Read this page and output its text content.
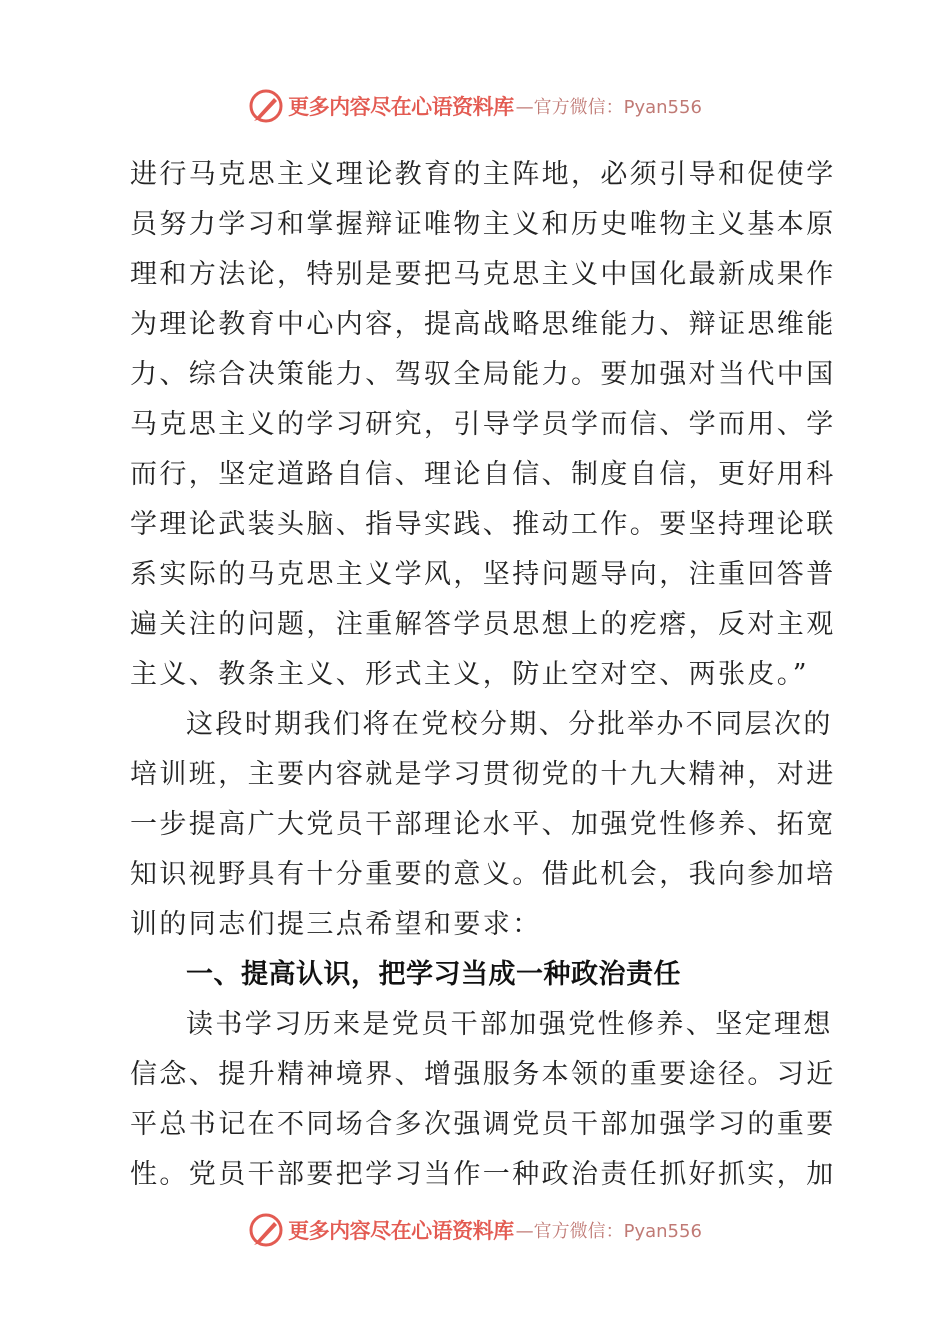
更多内容尽在心语资料库 —官方微信：Pyan556
进行马克思主义理论教育的主阵地，必须引导和促使学
员努力学习和掌握辩证唯物主义和历史唯物主义基本原
理和方法论，特别是要把马克思主义中国化最新成果作
为理论教育中心内容，提高战略思维能力、辩证思维能
力、综合决策能力、驾驭全局能力。要加强对当代中国
马克思主义的学习研究，引导学员学而信、学而用、学
而行，坚定道路自信、理论自信、制度自信，更好用科
学理论武装头脑、指导实践、推动工作。要坚持理论联
系实际的马克思主义学风，坚持问题导向，注重回答普
遍关注的问题，注重解答学员思想上的疙瘩，反对主观
主义、教条主义、形式主义，防止空对空、两张皮。”
这段时期我们将在党校分期、分批举办不同层次的
培训班，主要内容就是学习贯彻党的十九大精神，对进
一步提高广大党员干部理论水平、加强党性修养、拓宽
知识视野具有十分重要的意义。借此机会，我向参加培
训的同志们提三点希望和要求：
一、提高认识，把学习当成一种政治责任
读书学习历来是党员干部加强党性修养、坚定理想
信念、提升精神境界、增强服务本领的重要途径。习近
平总书记在不同场合多次强调党员干部加强学习的重要
性。党员干部要把学习当作一种政治责任抓好抓实，加
更多内容尽在心语资料库 —官方微信：Pyan556
